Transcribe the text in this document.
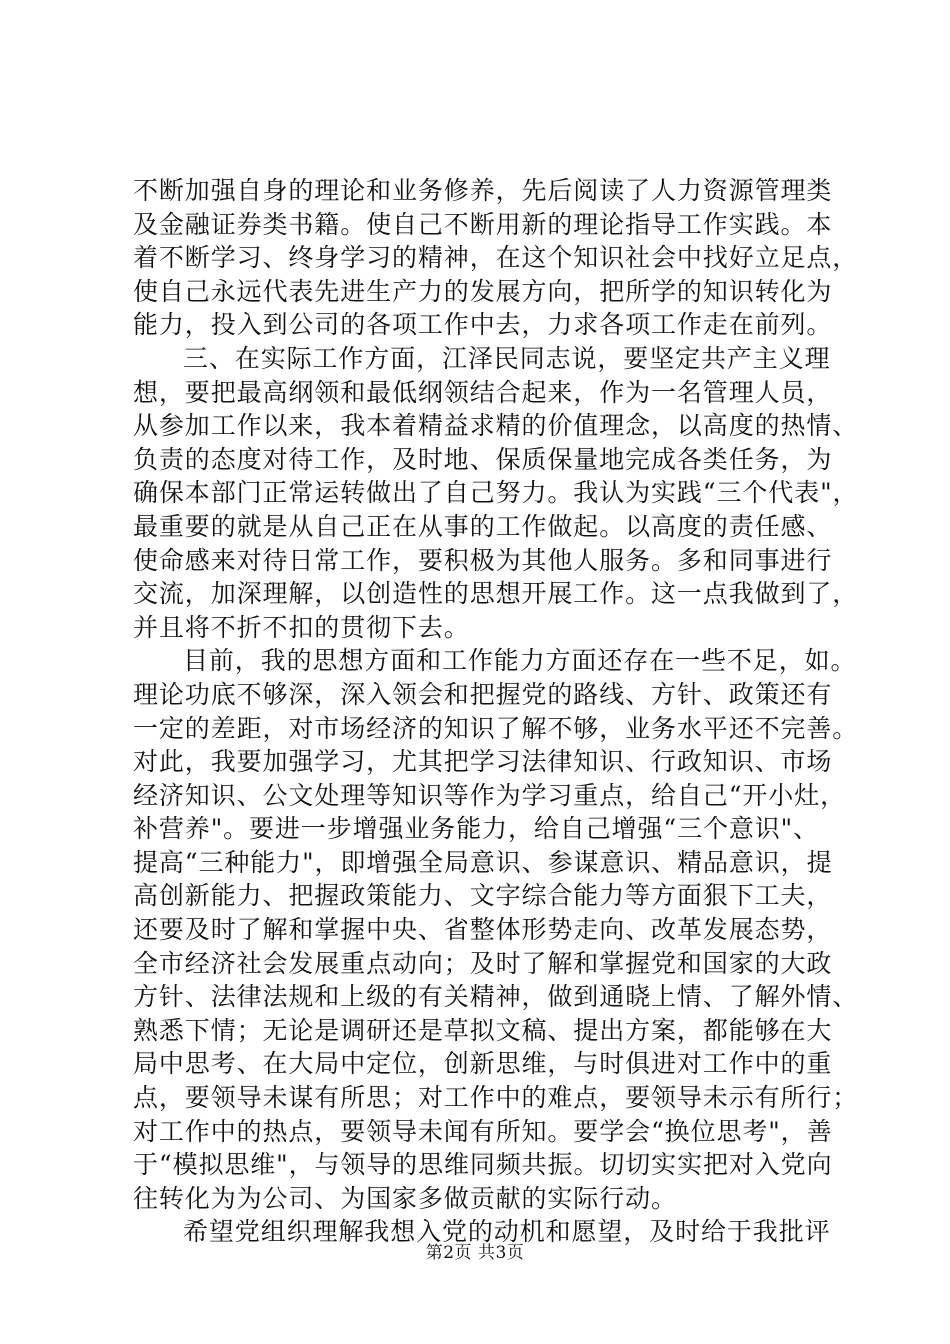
不断加强自身的理论和业务修养，先后阅读了人力资源管理类
及金融证券类书籍。使自己不断用新的理论指导工作实践。本
着不断学习、终身学习的精神，在这个知识社会中找好立足点，
使自己永远代表先进生产力的发展方向，把所学的知识转化为
能力，投入到公司的各项工作中去，力求各项工作走在前列。
三、在实际工作方面，江泽民同志说，要坚定共产主义理
想，要把最高纲领和最低纲领结合起来，作为一名管理人员，
从参加工作以来，我本着精益求精的价值理念，以高度的热情、
负责的态度对待工作，及时地、保质保量地完成各类任务，为
确保本部门正常运转做出了自己努力。我认为实践“三个代表"，
最重要的就是从自己正在从事的工作做起。以高度的责任感、
使命感来对待日常工作，要积极为其他人服务。多和同事进行
交流，加深理解，以创造性的思想开展工作。这一点我做到了，
并且将不折不扣的贯彻下去。
目前，我的思想方面和工作能力方面还存在一些不足，如。
理论功底不够深，深入领会和把握党的路线、方针、政策还有
一定的差距，对市场经济的知识了解不够，业务水平还不完善。
对此，我要加强学习，尤其把学习法律知识、行政知识、市场
经济知识、公文处理等知识等作为学习重点，给自己“开小灶，
补营养"。要进一步增强业务能力，给自己增强“三个意识"、
提高“三种能力"，即增强全局意识、参谋意识、精品意识，提
高创新能力、把握政策能力、文字综合能力等方面狠下工夫，
还要及时了解和掌握中央、省整体形势走向、改革发展态势，
全市经济社会发展重点动向；及时了解和掌握党和国家的大政
方针、法律法规和上级的有关精神，做到通晓上情、了解外情、
熟悉下情；无论是调研还是草拟文稿、提出方案，都能够在大
局中思考、在大局中定位，创新思维，与时俱进对工作中的重
点，要领导未谋有所思；对工作中的难点，要领导未示有所行；
对工作中的热点，要领导未闻有所知。要学会“换位思考"，善
于“模拟思维"，与领导的思维同频共振。切切实实把对入党向
往转化为为公司、为国家多做贡献的实际行动。
希望党组织理解我想入党的动机和愿望，及时给于我批评
第2页 共3页
